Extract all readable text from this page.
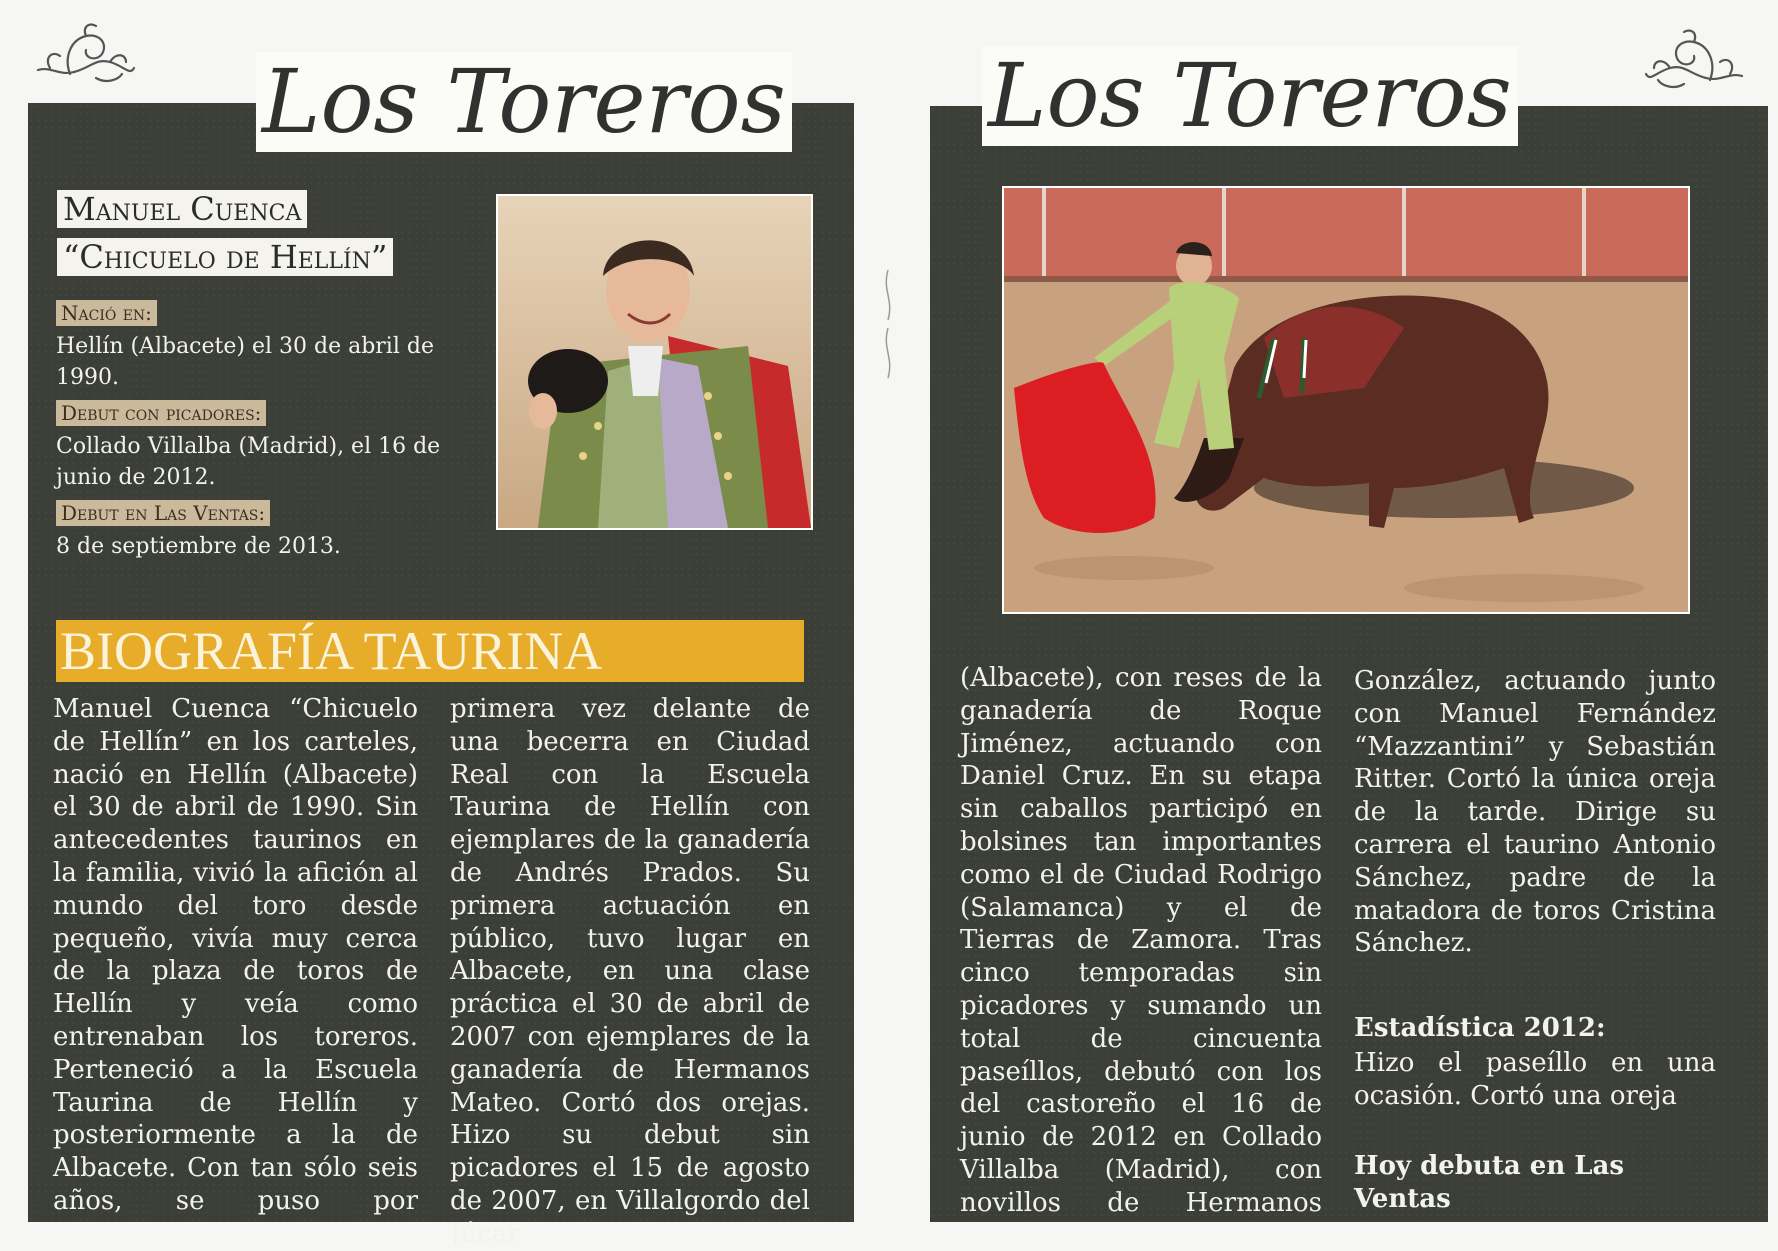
Los Toreros
Manuel Cuenca
“Chicuelo de Hellín”
Nació en:
Hellín (Albacete) el 30 de abril de 1990.
Debut con picadores:
Collado Villalba (Madrid), el 16 de junio de 2012.
Debut en Las Ventas:
8 de septiembre de 2013.
BIOGRAFÍA TAURINA
Manuel Cuenca “Chicuelo de Hellín” en los carteles, nació en Hellín (Albacete) el 30 de abril de 1990. Sin antecedentes taurinos en la familia, vivió la afición al mundo del toro desde pequeño, vivía muy cerca de la plaza de toros de Hellín y veía como entrenaban los toreros. Perteneció a la Escuela Taurina de Hellín y posteriormente a la de Albacete. Con tan sólo seis años, se puso por
primera vez delante de una becerra en Ciudad Real con la Escuela Taurina de Hellín con ejemplares de la ganadería de Andrés Prados. Su primera actuación en público, tuvo lugar en Albacete, en una clase práctica el 30 de abril de 2007 con ejemplares de la ganadería de Hermanos Mateo. Cortó dos orejas. Hizo su debut sin picadores el 15 de agosto de 2007, en Villalgordo del Júcar
Los Toreros
(Albacete), con reses de la ganadería de Roque Jiménez, actuando con Daniel Cruz. En su etapa sin caballos participó en bolsines tan importantes como el de Ciudad Rodrigo (Salamanca) y el de Tierras de Zamora. Tras cinco temporadas sin picadores y sumando un total de cincuenta paseíllos, debutó con los del castoreño el 16 de junio de 2012 en Collado Villalba (Madrid), con novillos de Hermanos
González, actuando junto con Manuel Fernández “Mazzantini” y Sebastián Ritter. Cortó la única oreja de la tarde. Dirige su carrera el taurino Antonio Sánchez, padre de la matadora de toros Cristina Sánchez.
Estadística 2012:
Hizo el paseíllo en una ocasión. Cortó una oreja
Hoy debuta en Las Ventas
